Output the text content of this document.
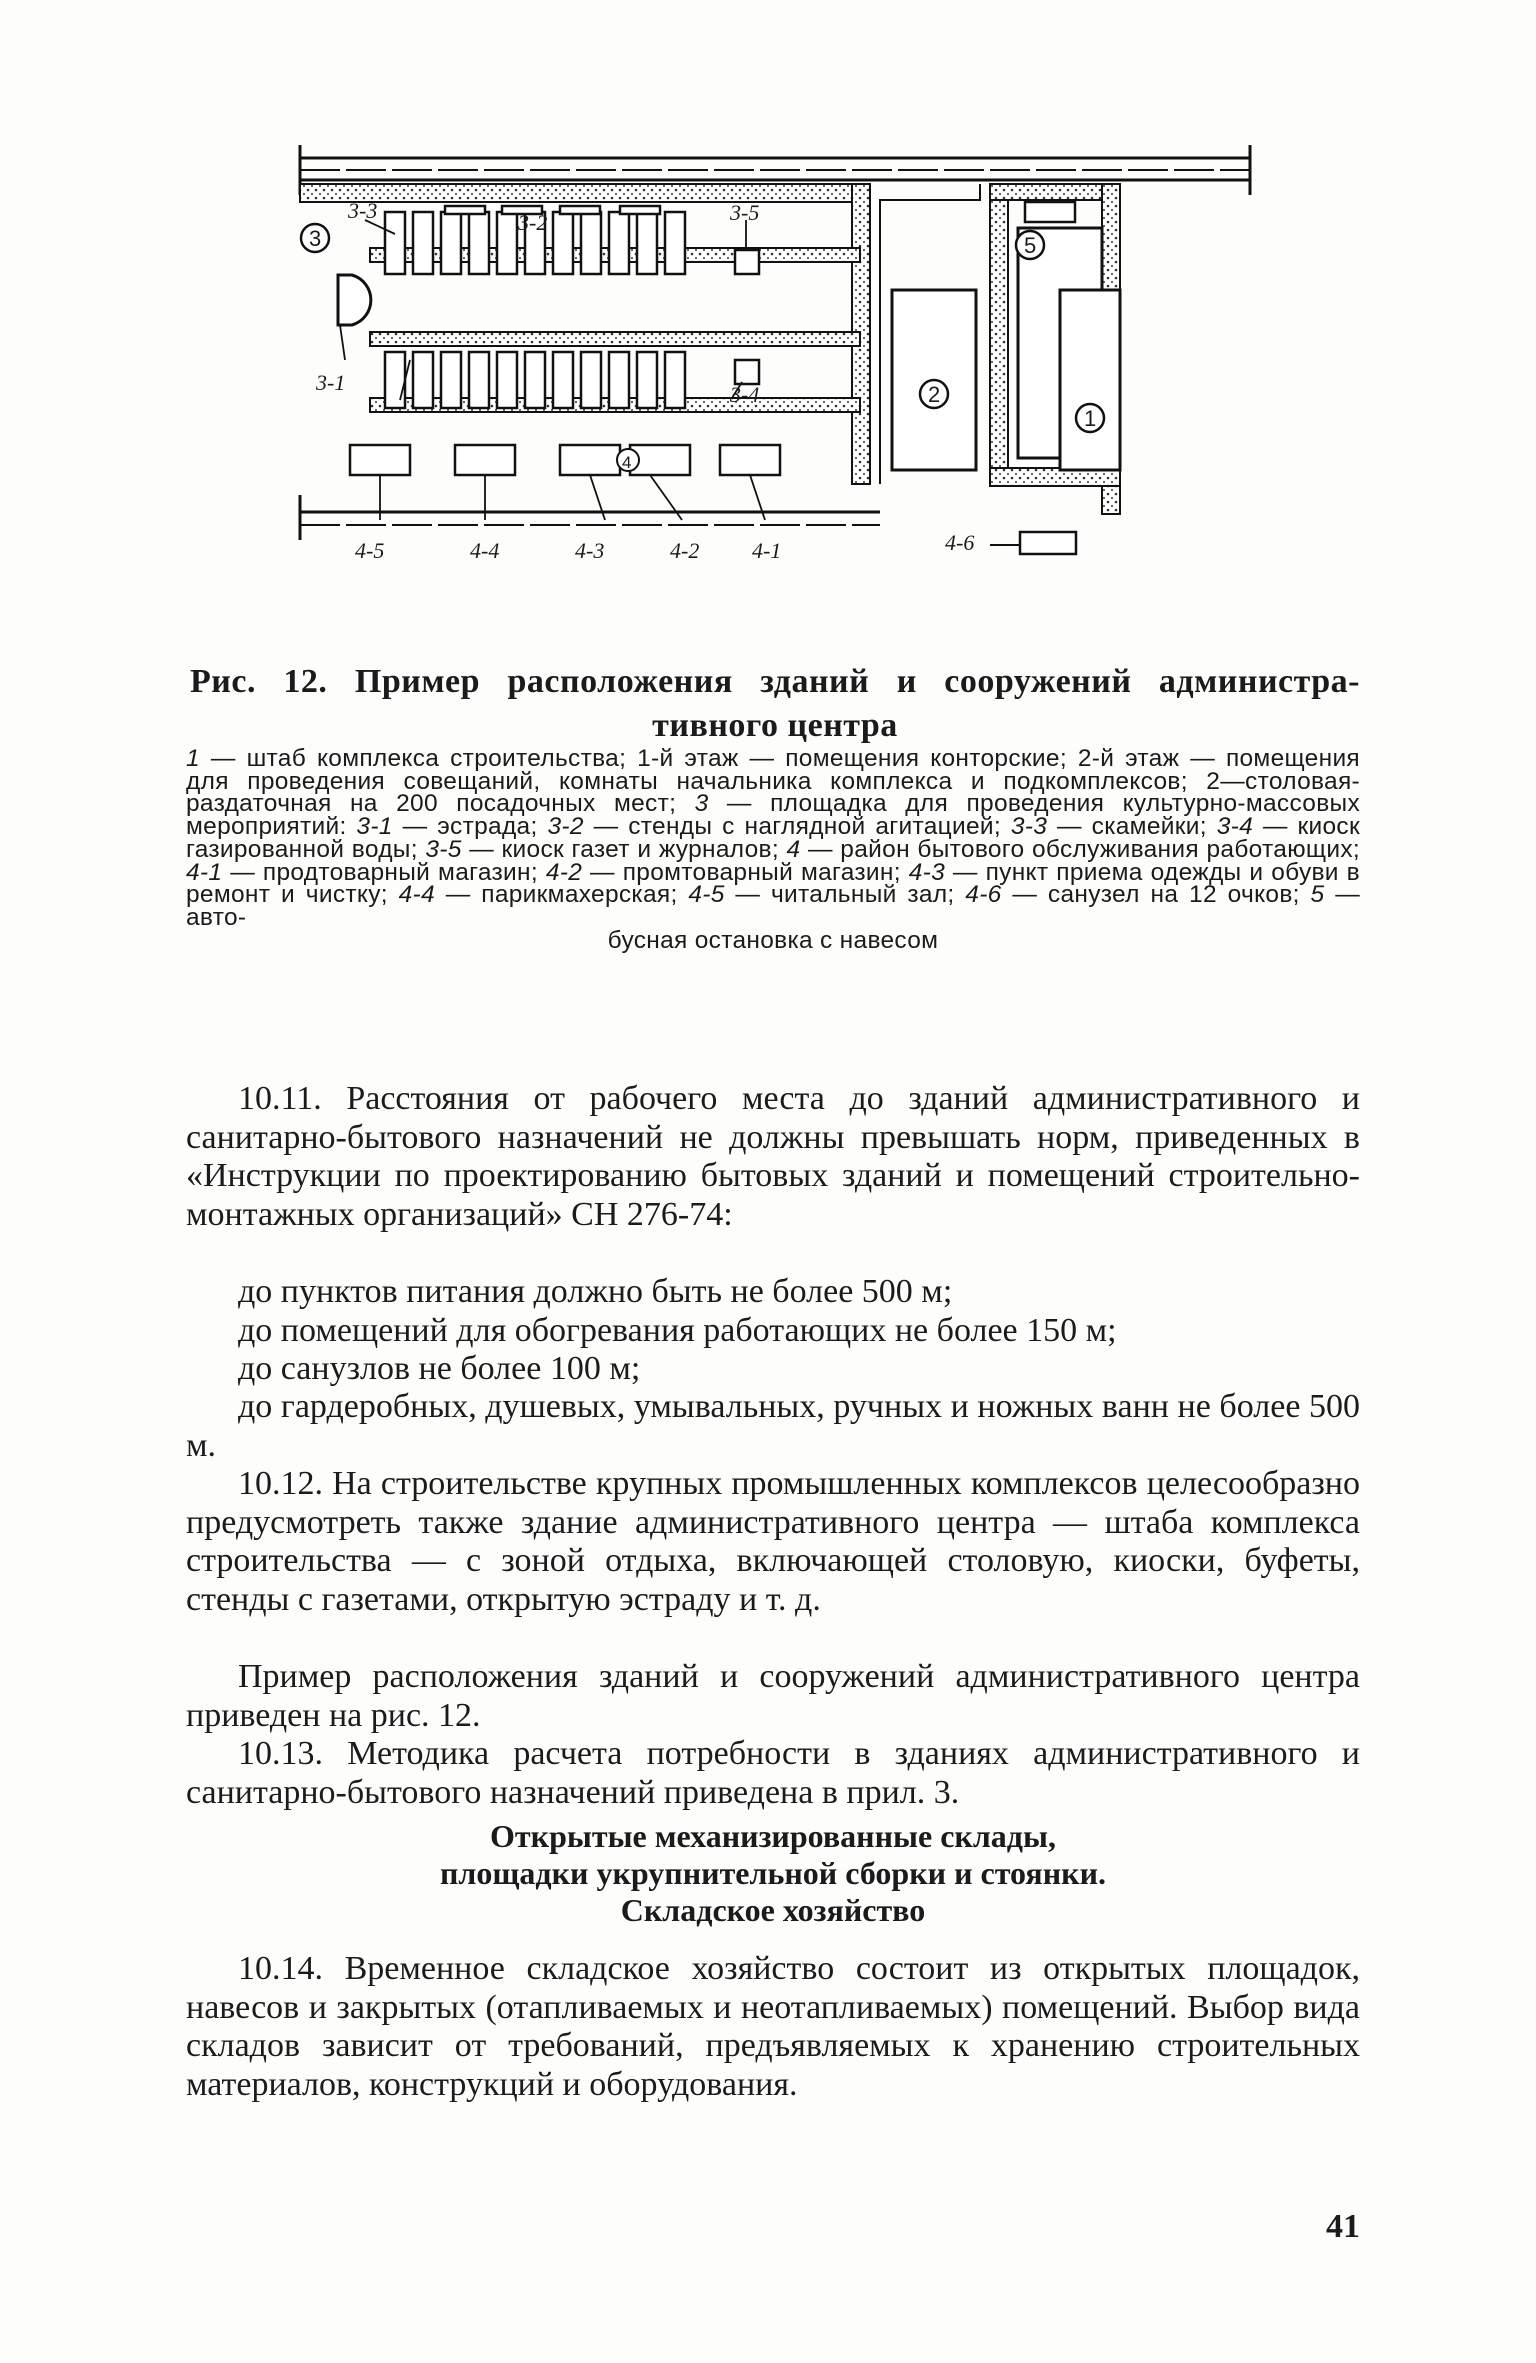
3-3	3-2	3-5
3-1	3-4
4-5	4-4	4-3	4-2 4-1	4-6
3
2
1
5
4
Рис. 12. Пример расположения зданий и сооружений администра-
тивного центра
1 — штаб комплекса строительства; 1-й этаж — помещения конторские; 2-й этаж — помещения для проведения совещаний, комнаты начальника комплекса и подкомплексов; 2—столовая-раздаточная на 200 посадочных мест; 3 — площадка для проведения культурно-массовых мероприятий: 3-1 — эстрада; 3-2 — стенды с наглядной агитацией; 3-3 — скамейки; 3-4 — киоск газированной воды; 3-5 — киоск газет и журналов; 4 — район бытового обслуживания работающих; 4-1 — продтоварный магазин; 4-2 — промтоварный магазин; 4-3 — пункт приема одежды и обуви в ремонт и чистку; 4-4 — парикмахерская; 4-5 — читальный зал; 4-6 — санузел на 12 очков; 5 — авто-
бусная остановка с навесом
10.11. Расстояния от рабочего места до зданий административного и санитарно-бытового назначений не должны превышать норм, приведенных в «Инструкции по проектированию бытовых зданий и помещений строительно-монтажных организаций» СН 276-74:
до пунктов питания должно быть не более 500 м;
до помещений для обогревания работающих не более 150 м;
до санузлов не более 100 м;
до гардеробных, душевых, умывальных, ручных и ножных ванн не более 500 м.
10.12. На строительстве крупных промышленных комплексов целесообразно предусмотреть также здание административного центра — штаба комплекса строительства — с зоной отдыха, включающей столовую, киоски, буфеты, стенды с газетами, открытую эстраду и т. д.
Пример расположения зданий и сооружений административного центра приведен на рис. 12.
10.13. Методика расчета потребности в зданиях административного и санитарно-бытового назначений приведена в прил. 3.
Открытые механизированные склады,
площадки укрупнительной сборки и стоянки.
Складское хозяйство
10.14. Временное складское хозяйство состоит из открытых площадок, навесов и закрытых (отапливаемых и неотапливаемых) помещений. Выбор вида складов зависит от требований, предъявляемых к хранению строительных материалов, конструкций и оборудования.
41
